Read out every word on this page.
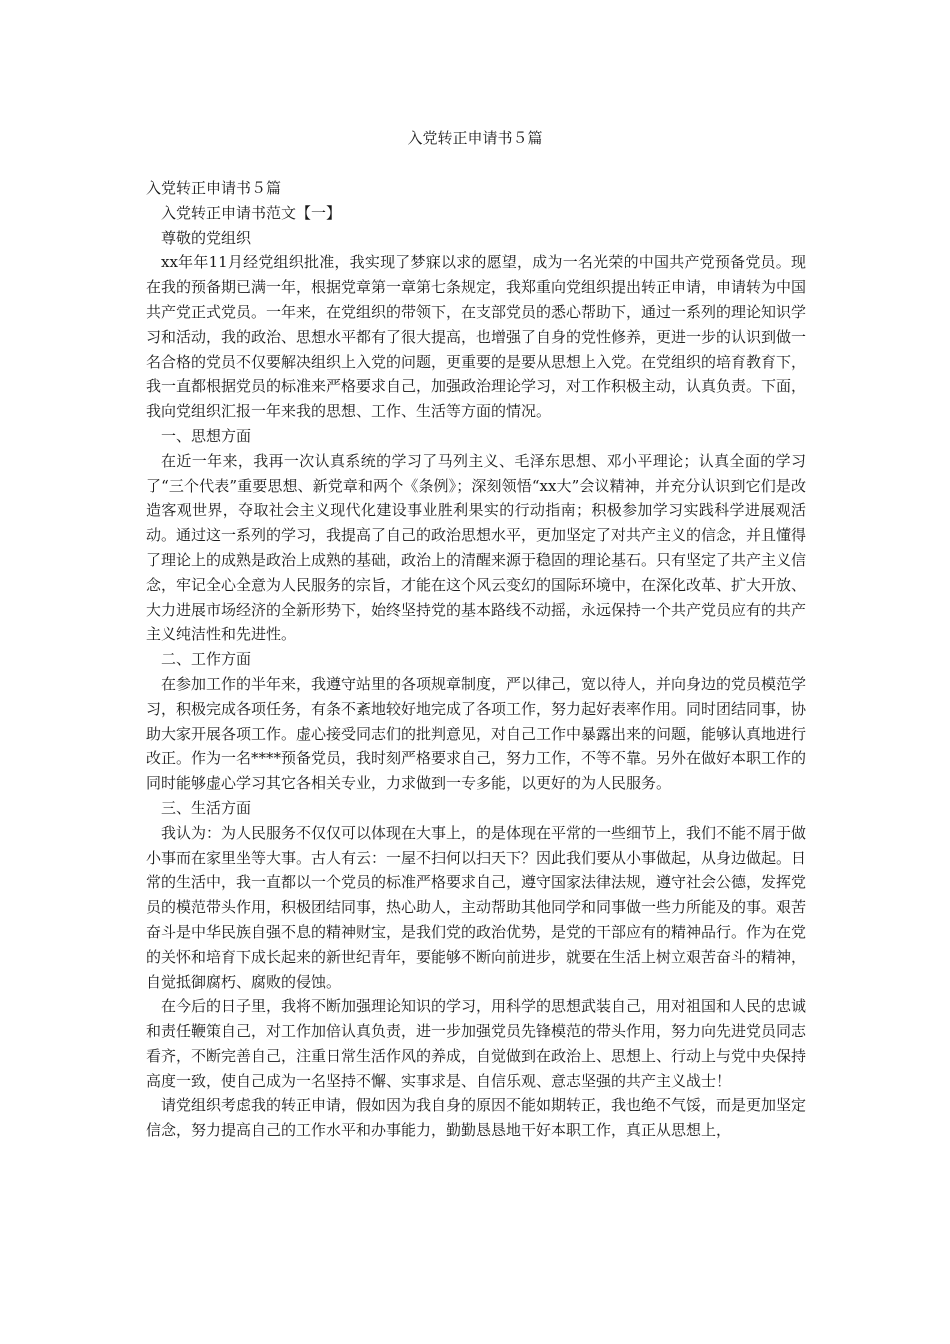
入党转正申请书５篇

入党转正申请书５篇

入党转正申请书范文【一】

尊敬的党组织

xx年年11月经党组织批准，我实现了梦寐以求的愿望，成为一名光荣的中国共产党预备党员。现在我的预备期已满一年，根据党章第一章第七条规定，我郑重向党组织提出转正申请，申请转为中国共产党正式党员。一年来，在党组织的带领下，在支部党员的悉心帮助下，通过一系列的理论知识学习和活动，我的政治、思想水平都有了很大提高，也增强了自身的党性修养，更进一步的认识到做一名合格的党员不仅要解决组织上入党的问题，更重要的是要从思想上入党。在党组织的培育教育下，我一直都根据党员的标准来严格要求自己，加强政治理论学习，对工作积极主动，认真负责。下面，我向党组织汇报一年来我的思想、工作、生活等方面的情况。

一、思想方面

在近一年来，我再一次认真系统的学习了马列主义、毛泽东思想、邓小平理论；认真全面的学习了“三个代表”重要思想、新党章和两个《条例》；深刻领悟“xx大”会议精神，并充分认识到它们是改造客观世界，夺取社会主义现代化建设事业胜利果实的行动指南；积极参加学习实践科学进展观活动。通过这一系列的学习，我提高了自己的政治思想水平，更加坚定了对共产主义的信念，并且懂得了理论上的成熟是政治上成熟的基础，政治上的清醒来源于稳固的理论基石。只有坚定了共产主义信念，牢记全心全意为人民服务的宗旨，才能在这个风云变幻的国际环境中，在深化改革、扩大开放、大力进展市场经济的全新形势下，始终坚持党的基本路线不动摇，永远保持一个共产党员应有的共产主义纯洁性和先进性。

二、工作方面

在参加工作的半年来，我遵守站里的各项规章制度，严以律己，宽以待人，并向身边的党员模范学习，积极完成各项任务，有条不紊地较好地完成了各项工作，努力起好表率作用。同时团结同事，协助大家开展各项工作。虚心接受同志们的批判意见，对自己工作中暴露出来的问题，能够认真地进行改正。作为一名****预备党员，我时刻严格要求自己，努力工作，不等不靠。另外在做好本职工作的同时能够虚心学习其它各相关专业，力求做到一专多能，以更好的为人民服务。

三、生活方面

我认为：为人民服务不仅仅可以体现在大事上，的是体现在平常的一些细节上，我们不能不屑于做小事而在家里坐等大事。古人有云：一屋不扫何以扫天下？因此我们要从小事做起，从身边做起。日常的生活中，我一直都以一个党员的标准严格要求自己，遵守国家法律法规，遵守社会公德，发挥党员的模范带头作用，积极团结同事，热心助人，主动帮助其他同学和同事做一些力所能及的事。艰苦奋斗是中华民族自强不息的精神财宝，是我们党的政治优势，是党的干部应有的精神品行。作为在党的关怀和培育下成长起来的新世纪青年，要能够不断向前进步，就要在生活上树立艰苦奋斗的精神，自觉抵御腐朽、腐败的侵蚀。

在今后的日子里，我将不断加强理论知识的学习，用科学的思想武装自己，用对祖国和人民的忠诚和责任鞭策自己，对工作加倍认真负责，进一步加强党员先锋模范的带头作用，努力向先进党员同志看齐，不断完善自己，注重日常生活作风的养成，自觉做到在政治上、思想上、行动上与党中央保持高度一致，使自己成为一名坚持不懈、实事求是、自信乐观、意志坚强的共产主义战士！

请党组织考虑我的转正申请，假如因为我自身的原因不能如期转正，我也绝不气馁，而是更加坚定信念，努力提高自己的工作水平和办事能力，勤勤恳恳地干好本职工作，真正从思想上，
